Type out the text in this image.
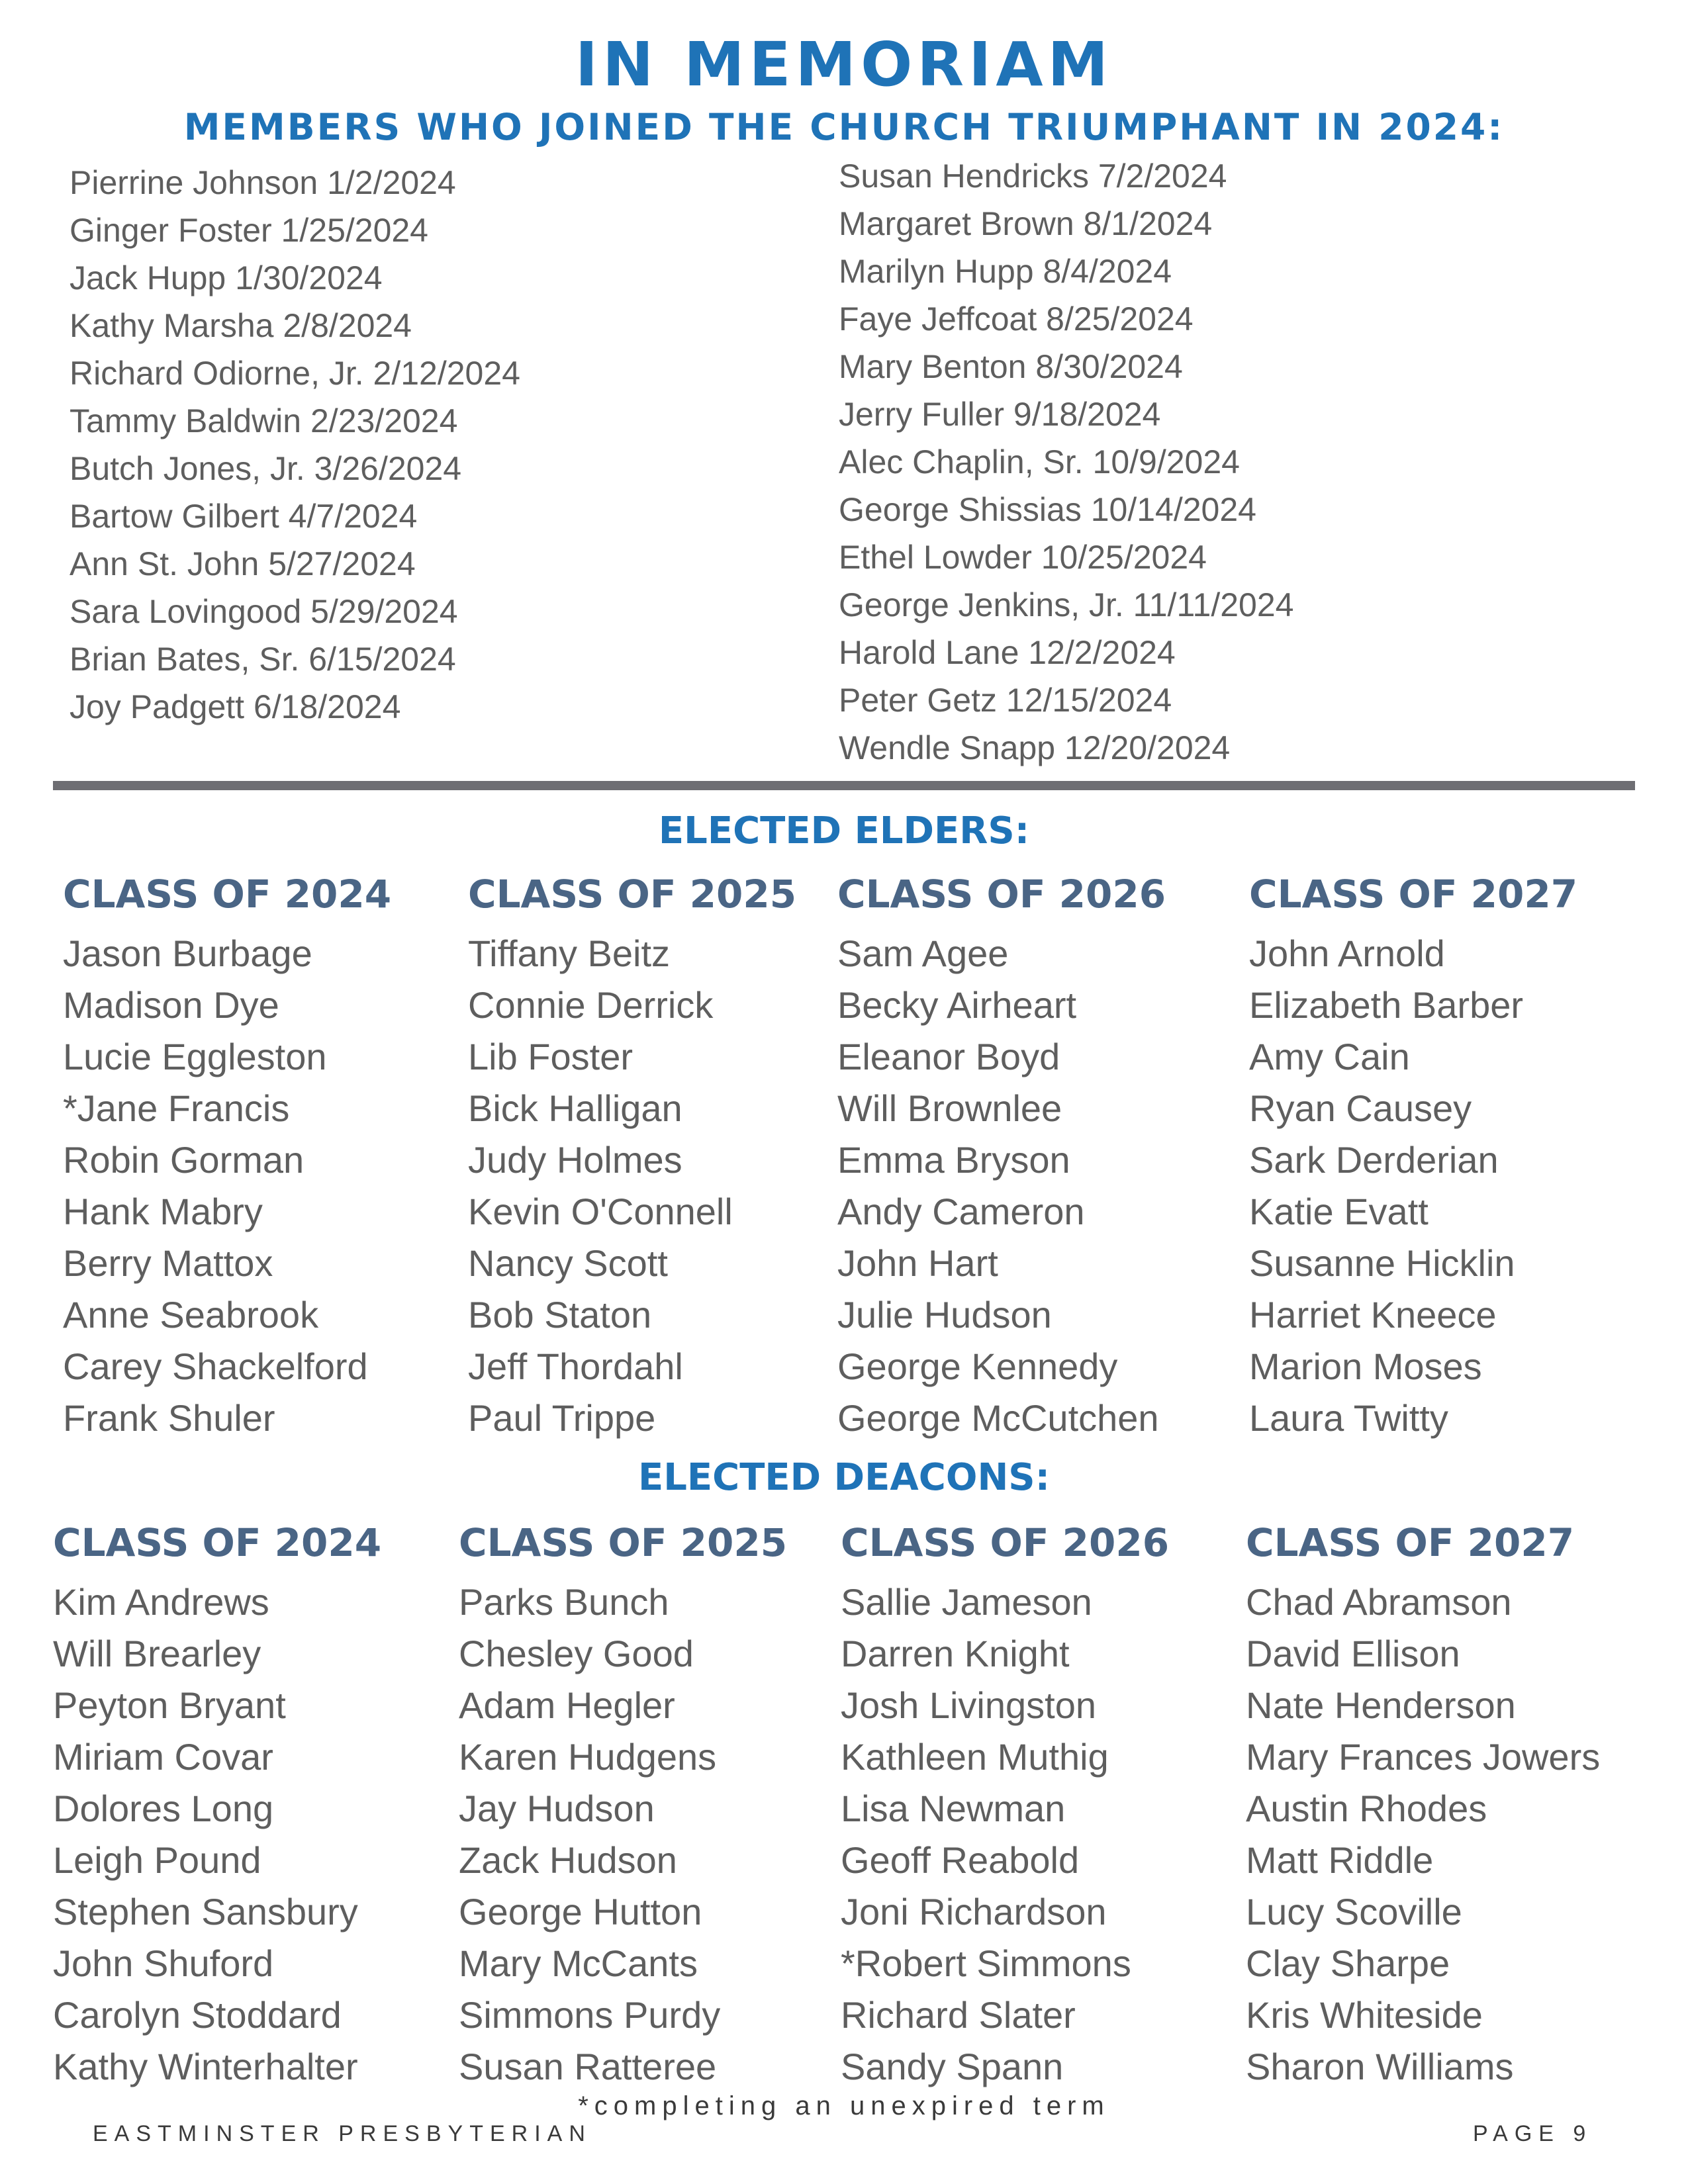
IN MEMORIAM
MEMBERS WHO JOINED THE CHURCH TRIUMPHANT IN 2024:
Pierrine Johnson 1/2/2024
Ginger Foster 1/25/2024
Jack Hupp 1/30/2024
Kathy Marsha 2/8/2024
Richard Odiorne, Jr. 2/12/2024
Tammy Baldwin 2/23/2024
Butch Jones, Jr. 3/26/2024
Bartow Gilbert 4/7/2024
Ann St. John 5/27/2024
Sara Lovingood 5/29/2024
Brian Bates, Sr. 6/15/2024
Joy Padgett 6/18/2024
Susan Hendricks 7/2/2024
Margaret Brown 8/1/2024
Marilyn Hupp 8/4/2024
Faye Jeffcoat 8/25/2024
Mary Benton 8/30/2024
Jerry Fuller 9/18/2024
Alec Chaplin, Sr. 10/9/2024
George Shissias 10/14/2024
Ethel Lowder 10/25/2024
George Jenkins, Jr. 11/11/2024
Harold Lane 12/2/2024
Peter Getz 12/15/2024
Wendle Snapp 12/20/2024
ELECTED ELDERS:
CLASS OF 2024
Jason Burbage
Madison Dye
Lucie Eggleston
*Jane Francis
Robin Gorman
Hank Mabry
Berry Mattox
Anne Seabrook
Carey Shackelford
Frank Shuler
CLASS OF 2025
Tiffany Beitz
Connie Derrick
Lib Foster
Bick Halligan
Judy Holmes
Kevin O'Connell
Nancy Scott
Bob Staton
Jeff Thordahl
Paul Trippe
CLASS OF 2026
Sam Agee
Becky Airheart
Eleanor Boyd
Will Brownlee
Emma Bryson
Andy Cameron
John Hart
Julie Hudson
George Kennedy
George McCutchen
CLASS OF 2027
John Arnold
Elizabeth Barber
Amy Cain
Ryan Causey
Sark Derderian
Katie Evatt
Susanne Hicklin
Harriet Kneece
Marion Moses
Laura Twitty
ELECTED DEACONS:
CLASS OF 2024
Kim Andrews
Will Brearley
Peyton Bryant
Miriam Covar
Dolores Long
Leigh Pound
Stephen Sansbury
John Shuford
Carolyn Stoddard
Kathy Winterhalter
CLASS OF 2025
Parks Bunch
Chesley Good
Adam Hegler
Karen Hudgens
Jay Hudson
Zack Hudson
George Hutton
Mary McCants
Simmons Purdy
Susan Ratteree
CLASS OF 2026
Sallie Jameson
Darren Knight
Josh Livingston
Kathleen Muthig
Lisa Newman
Geoff Reabold
Joni Richardson
*Robert Simmons
Richard Slater
Sandy Spann
CLASS OF 2027
Chad Abramson
David Ellison
Nate Henderson
Mary Frances Jowers
Austin Rhodes
Matt Riddle
Lucy Scoville
Clay Sharpe
Kris Whiteside
Sharon Williams
*completing an unexpired term
EASTMINSTER PRESBYTERIAN	PAGE 9
